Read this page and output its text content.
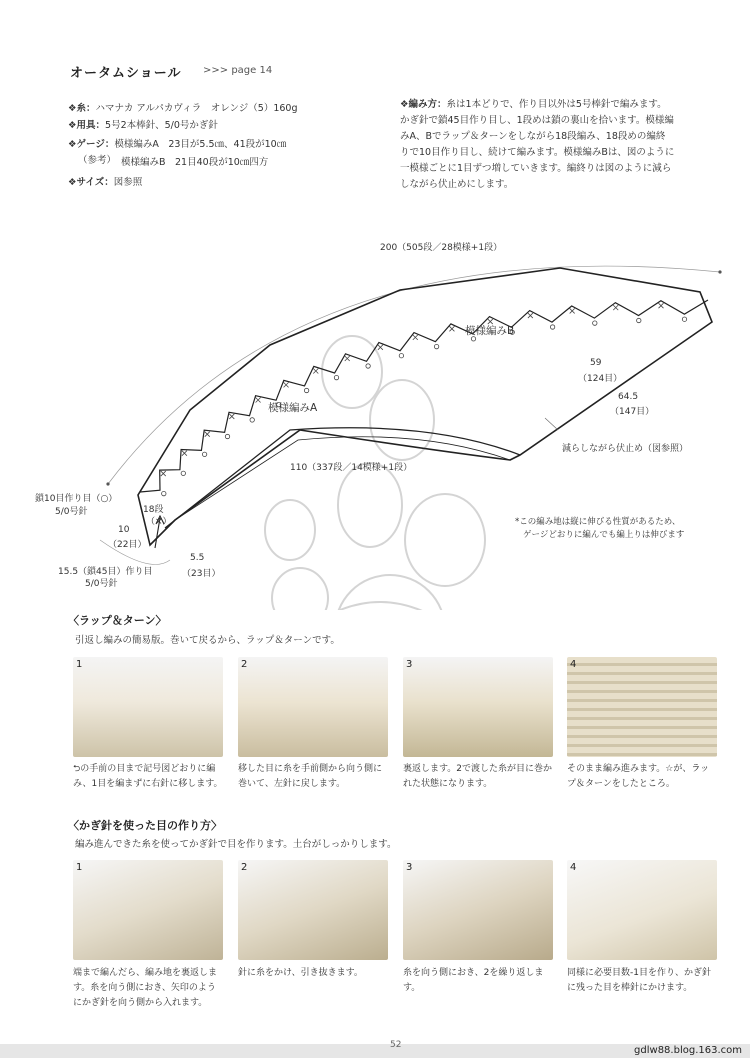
オータムショール >>> page 14
❖糸：ハマナカ アルパカヴィラ　オレンジ（5）160g
❖用具：5号2本棒針、5/0号かぎ針
❖ゲージ：模様編みA　23目が5.5㎝、41段が10㎝
（参考） 模様編みB　21目40段が10㎝四方
❖サイズ：図参照
❖編み方：糸は1本どりで、作り目以外は5号棒針で編みます。
かぎ針で鎖45目作り目し、1段めは鎖の裏山を拾います。模様編
みA、Bでラップ＆ターンをしながら18段編み、18段めの編終
りで10目作り目し、続けて編みます。模様編みBは、図のように
一模様ごとに1目ずつ増していきます。編終りは図のように減ら
しながら伏止めにします。
200（505段／28模様+1段）
模様編みB
模様編みA
59
（124目）
64.5
（147目）
減らしながら伏止め（図参照）
110（337段／14模様+1段）
鎖10目作り目（○）
5/0号針	18段
（×）
10
（22目）
5.5
（23目）
15.5（鎖45目）作り目
5/0号針
*この編み地は縦に伸びる性質があるため、
ゲージどおりに編んでも編上りは伸びます
〈ラップ＆ターン〉
引返し編みの簡易版。巻いて戻るから、ラップ＆ターンです。
1	2	3	4
⮌の手前の目まで記号図どおりに編み、1目を編まずに右針に移します。
移した目に糸を手前側から向う側に巻いて、左針に戻します。
裏返します。2で渡した糸が目に巻かれた状態になります。
そのまま編み進みます。☆が、ラップ＆ターンをしたところ。
〈かぎ針を使った目の作り方〉
編み進んできた糸を使ってかぎ針で目を作ります。土台がしっかりします。
1	2	3	4
端まで編んだら、編み地を裏返します。糸を向う側におき、矢印のようにかぎ針を向う側から入れます。
針に糸をかけ、引き抜きます。	糸を向う側におき、2を繰り返します。
同様に必要目数-1目を作り、かぎ針に残った目を棒針にかけます。
52	gdlw88.blog.163.com
